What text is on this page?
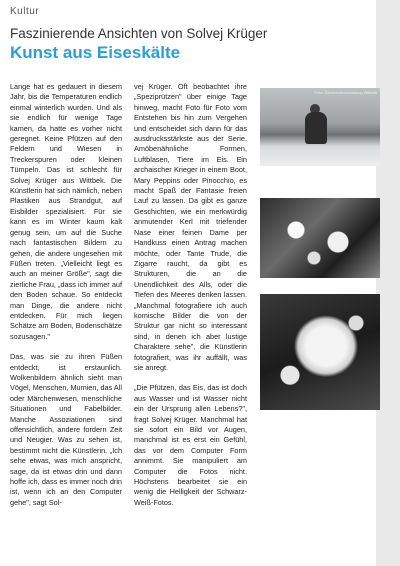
Kultur
Faszinierende Ansichten von Solvej Krüger
Kunst aus Eiseskälte

Lange hat es gedauert in diesem Jahr, bis die Temperaturen endlich einmal winterlich wurden. Und als sie endlich für wenige Tage kamen, da hatte es vorher nicht geregnet. Keine Pfützen auf den Feldern und Wiesen in Treckerspuren oder kleinen Tümpeln. Das ist schlecht für Solvej Krüger aus Wittbek. Die Künstlerin hat sich nämlich, neben Plastiken aus Strandgut, auf Eisbilder spezialisiert. Für sie kann es im Winter kaum kalt genug sein, um auf die Suche nach fantastischen Bildern zu gehen, die andere ungesehen mit Füßen treten. „Vielleicht liegt es auch an meiner Größe", sagt die zierliche Frau, „dass ich immer auf den Boden schaue. So entdeckt man Dinge, die andere nicht entdecken. Für mich liegen Schätze am Boden, Bodenschätze sozusagen."

Das, was sie zu ihren Füßen entdeckt, ist erstaunlich. Wolkenbildern ähnlich sieht man Vögel, Menschen, Mumien, das All oder Märchenwesen, menschliche Situationen und Fabelbilder. Manche Assoziationen sind offensichtlich, andere fordern Zeit und Neugier. Was zu sehen ist, bestimmt nicht die Künstlerin. „Ich sehe etwas, was mich anspricht, sage, da ist etwas drin und dann hoffe ich, dass es immer noch drin ist, wenn ich an den Computer gehe", sagt Sol-

vej Krüger. Oft beobachtet ihre „Speziprützen" über einige Tage hinweg, macht Foto für Foto vom Entstehen bis hin zum Vergehen und entscheidet sich dann für das ausdrucksstärkste aus der Serie. Amöbenähnliche Formen, Luftblasen, Tiere im Eis. Ein archaischer Krieger in einem Boot, Mary Peppins oder Pinocchio, es macht Spaß der Fantasie freien Lauf zu lassen. Da gibt es ganze Geschichten, wie ein merkwürdig anmutender Kerl mit triefender Nase einer feinen Dame per Handkuss einen Antrag machen möchte, oder Tante Trude, die Zigarre raucht, da gibt es Strukturen, die an die Unendlichkeit des Alls, oder die Tiefen des Meeres denken lassen. „Manchmal fotografiere ich auch komische Bilder die von der Struktur gar nicht so interessant sind, in denen ich aber lustige Charaktere sehe", die Künstlerin fotografiert, was ihr auffällt, was sie anregt.

„Die Pfützen, das Eis, das ist doch aus Wasser und ist Wasser nicht ein der Ursprung allen Lebens?", fragt Solvej Krüger. Manchmal hat sie sofort ein Bild vor Augen, manchmal ist es erst ein Gefühl, das vor dem Computer Form annimmt. Sie manipuliert am Computer die Fotos nicht. Höchstens bearbeitet sie ein wenig die Helligkeit der Schwarz-Weiß-Fotos.

Foto: Gemeindeverwaltung Wittbek
